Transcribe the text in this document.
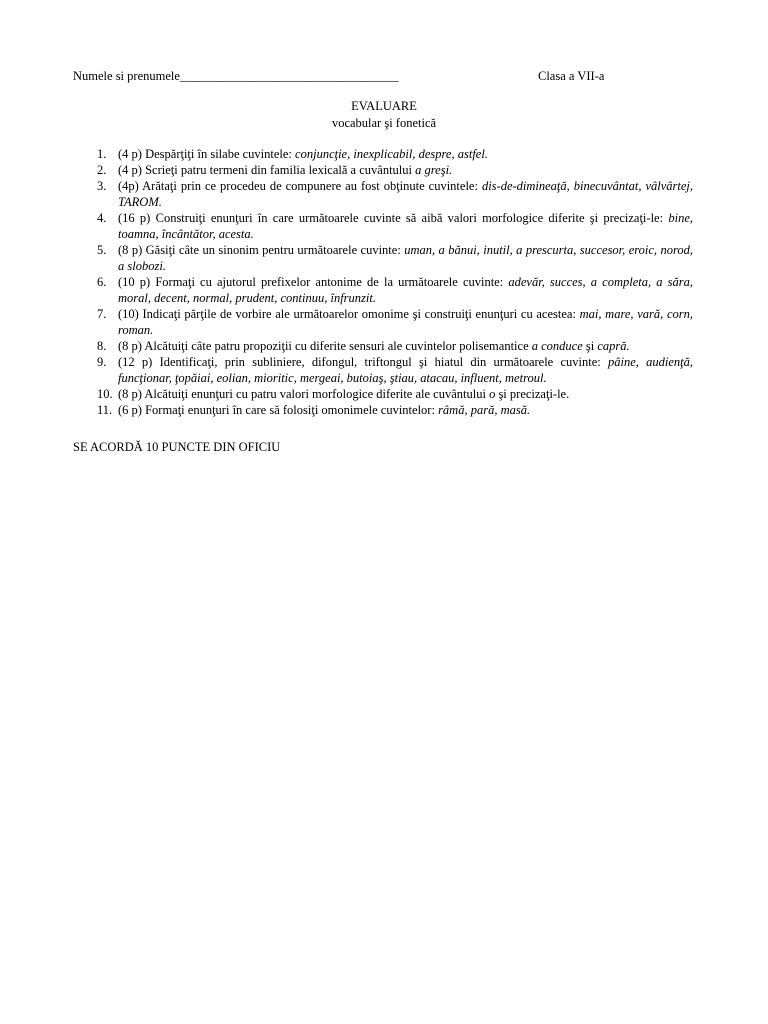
Numele si prenumele___________________________________	Clasa a VII-a
EVALUARE
vocabular şi fonetică
1. (4 p) Despărţiţi în silabe cuvintele: conjuncţie, inexplicabil, despre, astfel.
2. (4 p) Scrieţi patru termeni din familia lexicală a cuvântului a greşi.
3. (4p) Arătaţi prin ce procedeu de compunere au fost obţinute cuvintele: dis-de-dimineaţă, binecuvântat, vâlvârtej, TAROM.
4. (16 p) Construiţi enunţuri în care următoarele cuvinte să aibă valori morfologice diferite şi precizaţi-le: bine, toamna, încântător, acesta.
5. (8 p) Găsiţi câte un sinonim pentru următoarele cuvinte: uman, a bănui, inutil, a prescurta, succesor, eroic, norod, a slobozi.
6. (10 p) Formaţi cu ajutorul prefixelor antonime de la următoarele cuvinte: adevăr, succes, a completa, a săra, moral, decent, normal, prudent, continuu, înfrunzit.
7. (10) Indicaţi părţile de vorbire ale următoarelor omonime şi construiţi enunţuri cu acestea: mai, mare, vară, corn, roman.
8. (8 p) Alcătuiţi câte patru propoziţii cu diferite sensuri ale cuvintelor polisemantice a conduce şi capră.
9. (12 p) Identificaţi, prin subliniere, difongul, triftongul şi hiatul din următoarele cuvinte: pâine, audienţă, funcţionar, ţopăiai, eolian, mioritic, mergeai, butoiaş, ştiau, atacau, influent, metroul.
10. (8 p) Alcătuiţi enunţuri cu patru valori morfologice diferite ale cuvântului o şi precizaţi-le.
11. (6 p) Formaţi enunţuri în care să folosiţi omonimele cuvintelor: râmă, pară, masă.
SE ACORDĂ 10 PUNCTE DIN OFICIU
